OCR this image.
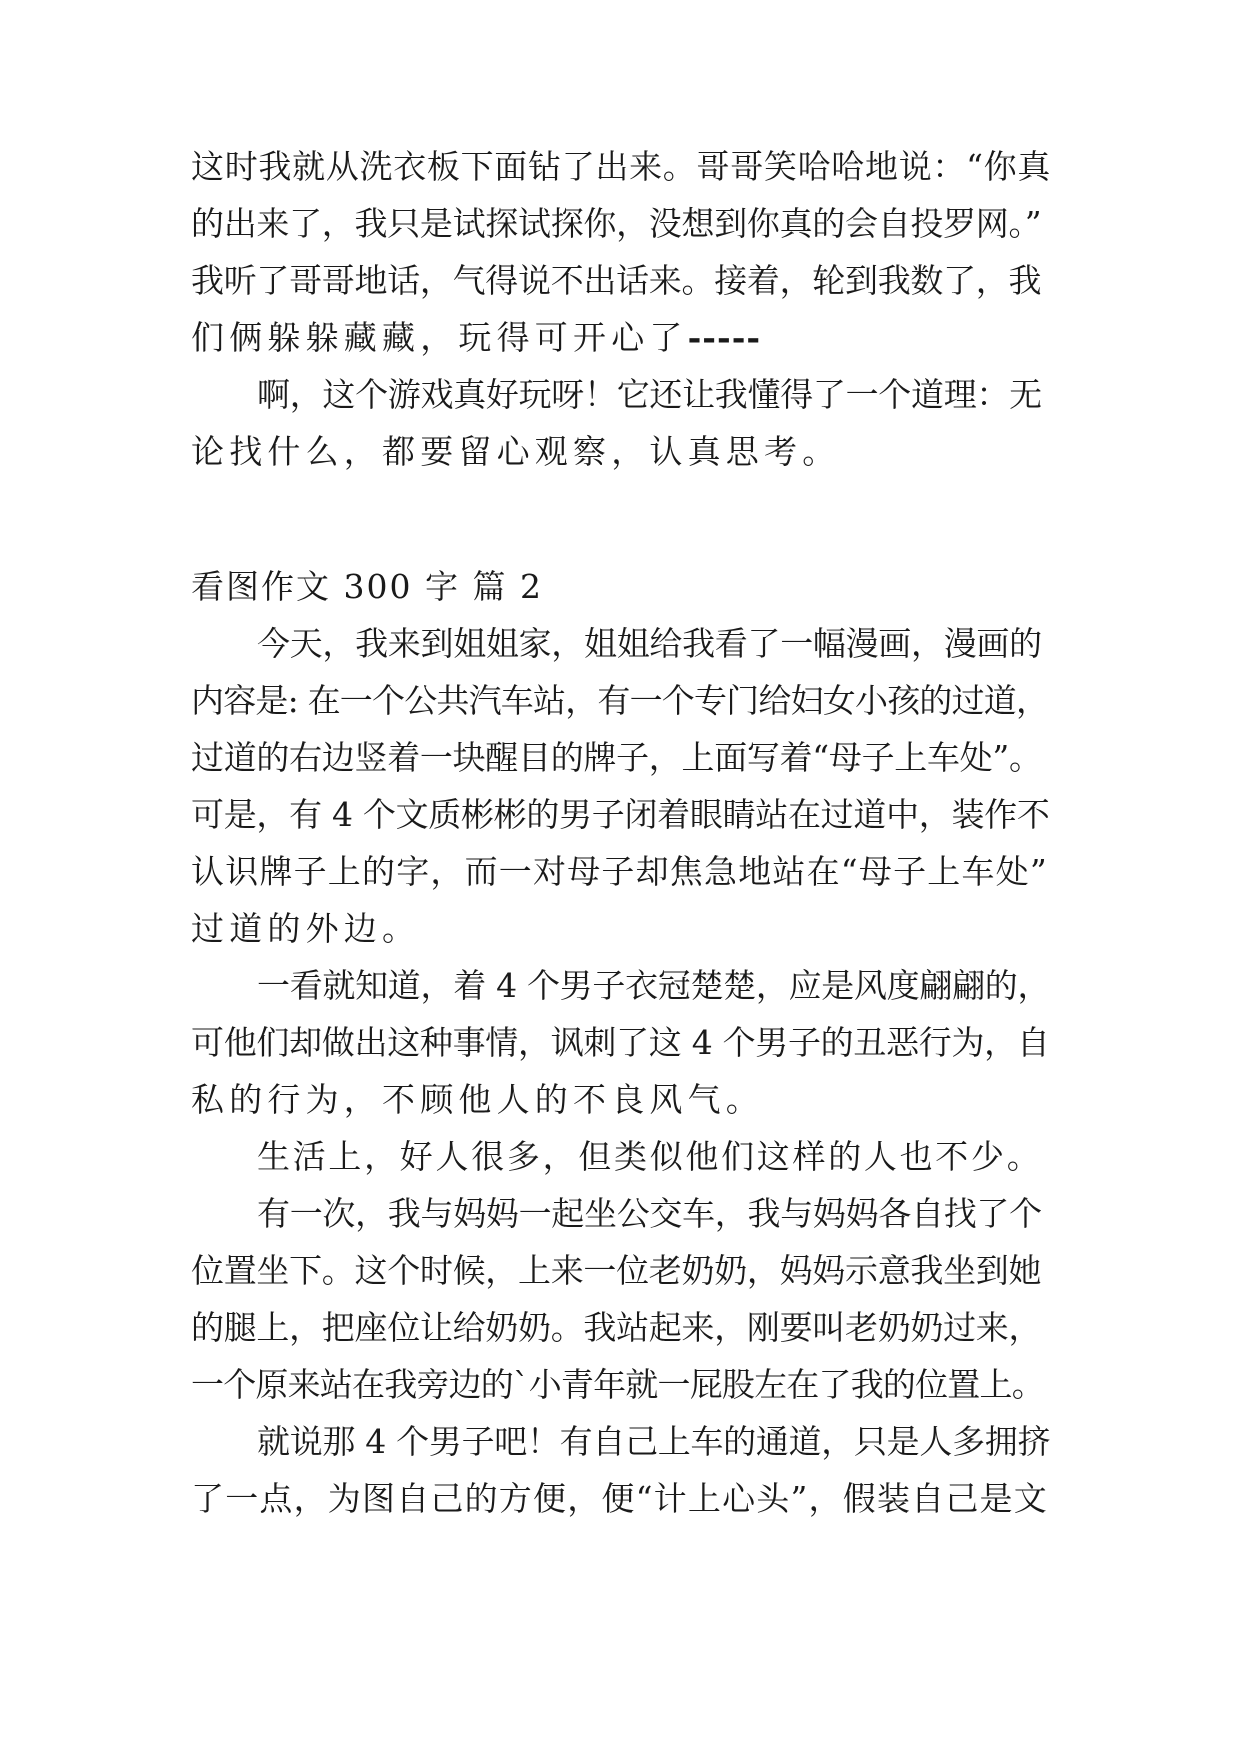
这时我就从洗衣板下面钻了出来。哥哥笑哈哈地说：“你真
的出来了，我只是试探试探你，没想到你真的会自投罗网。”
我听了哥哥地话，气得说不出话来。接着，轮到我数了，我
们俩躲躲藏藏，玩得可开心了-----
啊，这个游戏真好玩呀！它还让我懂得了一个道理：无
论找什么，都要留心观察，认真思考。
看图作文 300 字 篇 2
今天，我来到姐姐家，姐姐给我看了一幅漫画，漫画的
内容是: 在一个公共汽车站，有一个专门给妇女小孩的过道，
过道的右边竖着一块醒目的牌子，上面写着“母子上车处”。
可是，有 4 个文质彬彬的男子闭着眼睛站在过道中，装作不
认识牌子上的字，而一对母子却焦急地站在“母子上车处”
过道的外边。
一看就知道，着 4 个男子衣冠楚楚，应是风度翩翩的，
可他们却做出这种事情，讽刺了这 4 个男子的丑恶行为，自
私的行为，不顾他人的不良风气。
生活上，好人很多，但类似他们这样的人也不少。
有一次，我与妈妈一起坐公交车，我与妈妈各自找了个
位置坐下。这个时候，上来一位老奶奶，妈妈示意我坐到她
的腿上，把座位让给奶奶。我站起来，刚要叫老奶奶过来，
一个原来站在我旁边的`小青年就一屁股左在了我的位置上。
就说那 4 个男子吧！有自己上车的通道，只是人多拥挤
了一点，为图自己的方便，便“计上心头”，假装自己是文
